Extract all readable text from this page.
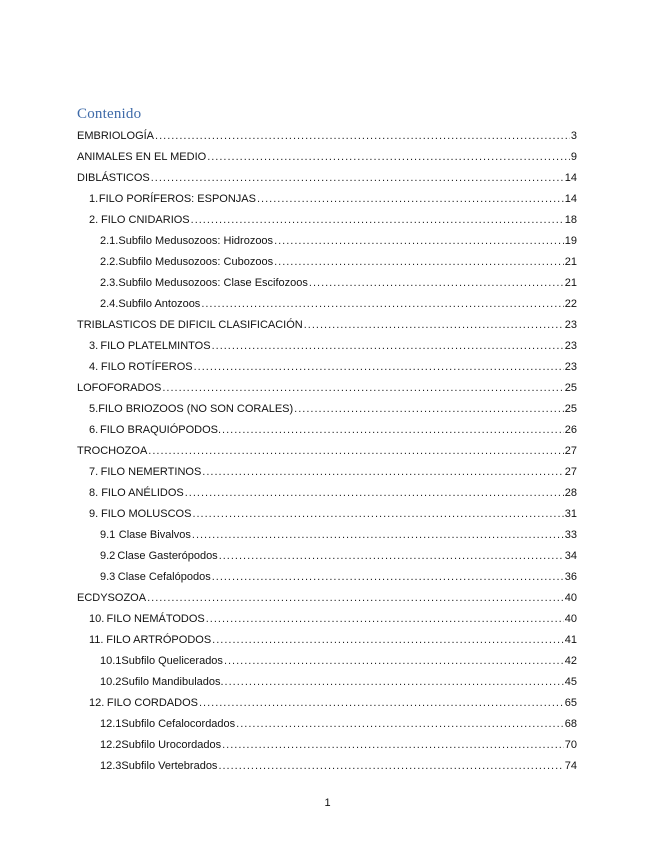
Contenido
EMBRIOLOGÍA .....	3
ANIMALES EN EL MEDIO .....	9
DIBLÁSTICOS .....	14
1. FILO PORÍFEROS: ESPONJAS .....	14
2. FILO CNIDARIOS .....	18
2.1. Subfilo Medusozoos: Hidrozoos .....	19
2.2. Subfilo Medusozoos: Cubozoos .....	21
2.3. Subfilo Medusozoos: Clase Escifozoos .....	21
2.4. Subfilo Antozoos .....	22
TRIBLASTICOS DE DIFICIL CLASIFICACIÓN .....	23
3. FILO PLATELMINTOS .....	23
4. FILO ROTÍFEROS .....	23
LOFOFORADOS .....	25
5. FILO BRIOZOOS (NO SON CORALES) .....	25
6. FILO BRAQUIÓPODOS. .....	26
TROCHOZOA .....	27
7. FILO NEMERTINOS .....	27
8. FILO ANÉLIDOS .....	28
9. FILO MOLUSCOS .....	31
9.1 Clase Bivalvos .....	33
9.2 Clase Gasterópodos .....	34
9.3 Clase Cefalópodos .....	36
ECDYSOZOA .....	40
10. FILO NEMÁTODOS .....	40
11. FILO ARTRÓPODOS .....	41
10.1 Subfilo Quelicerados .....	42
10.2 Sufilo Mandibulados. .....	45
12. FILO CORDADOS .....	65
12.1 Subfilo Cefalocordados .....	68
12.2 Subfilo Urocordados .....	70
12.3 Subfilo Vertebrados .....	74
1
